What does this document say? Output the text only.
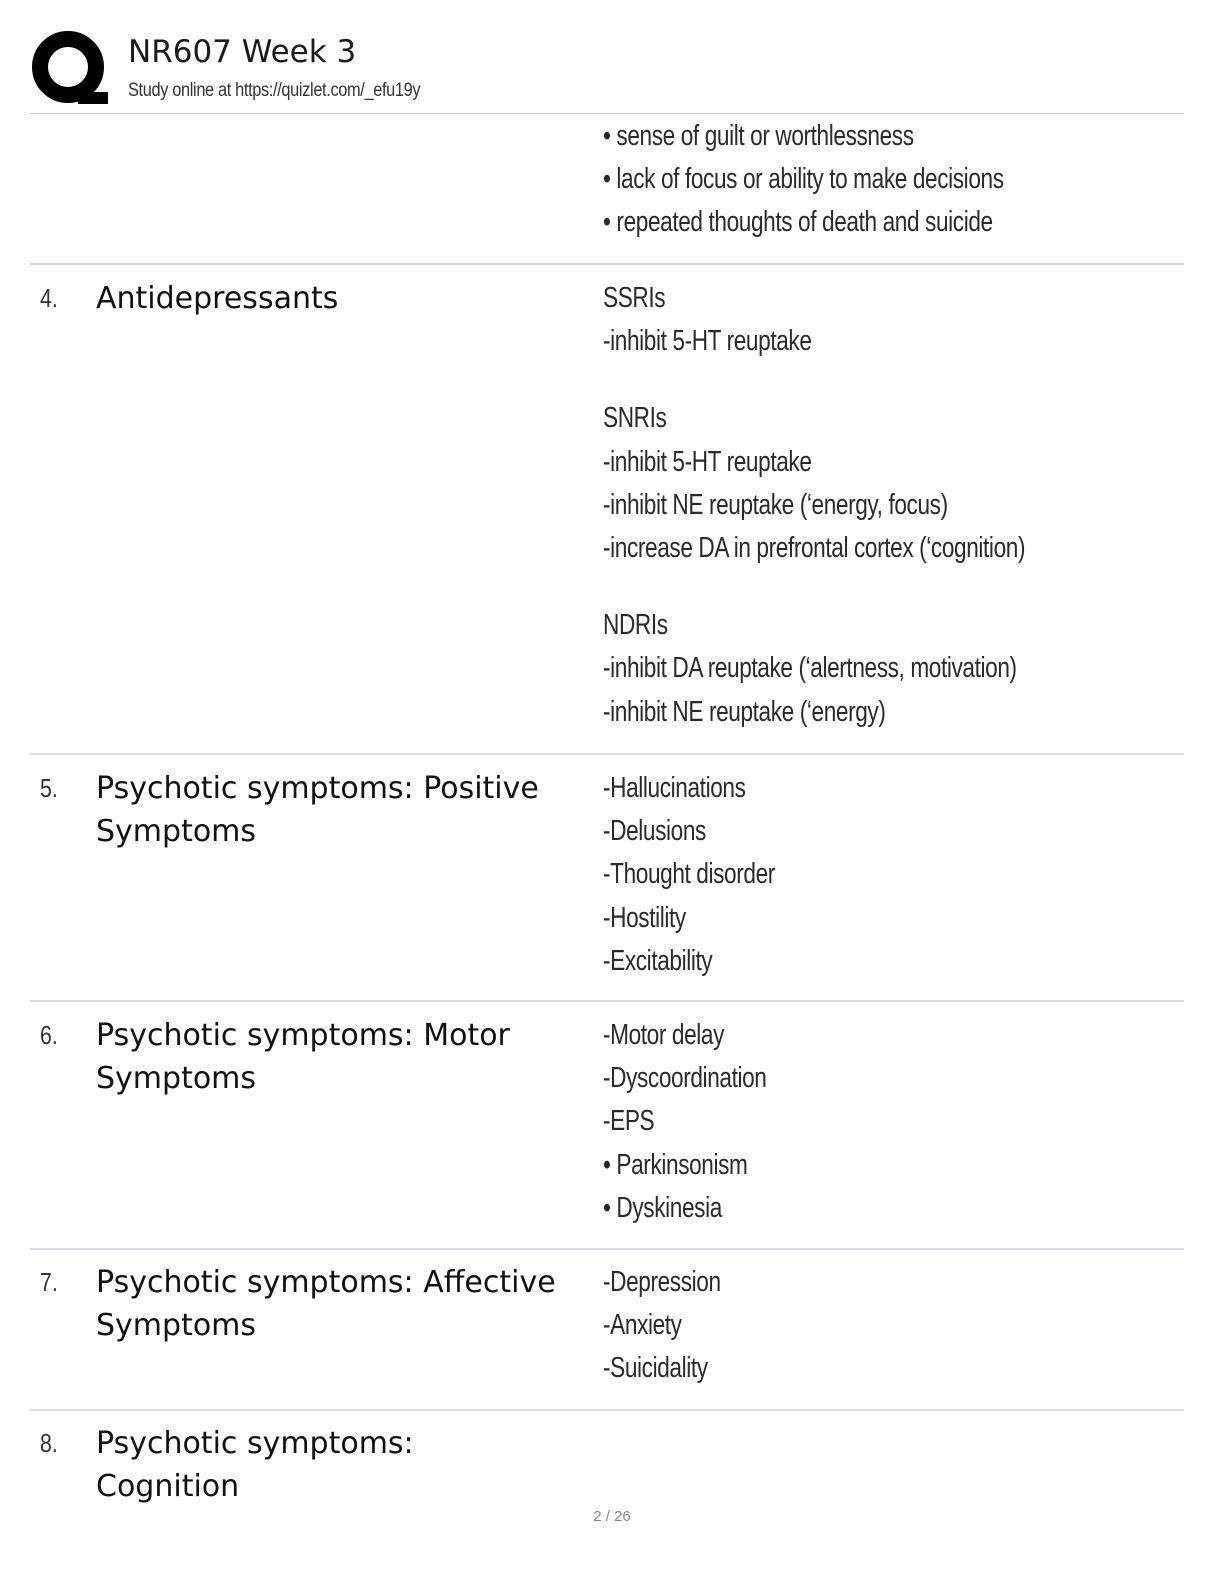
NR607 Week 3
Study online at https://quizlet.com/_efu19y
• sense of guilt or worthlessness
• lack of focus or ability to make decisions
• repeated thoughts of death and suicide
4. Antidepressants	SSRIs
-inhibit 5-HT reuptake
SNRIs
-inhibit 5-HT reuptake
-inhibit NE reuptake (‘energy, focus)
-increase DA in prefrontal cortex (‘cognition)
NDRIs
-inhibit DA reuptake (‘alertness, motivation)
-inhibit NE reuptake (‘energy)
5. Psychotic symptoms: Positive Symptoms
-Hallucinations
-Delusions
-Thought disorder
-Hostility
-Excitability
6. Psychotic symptoms: Motor Symptoms
-Motor delay
-Dyscoordination
-EPS
• Parkinsonism
• Dyskinesia
7. Psychotic symptoms: Affective Symptoms
-Depression
-Anxiety
-Suicidality
8. Psychotic symptoms: Cognition
2 / 26
